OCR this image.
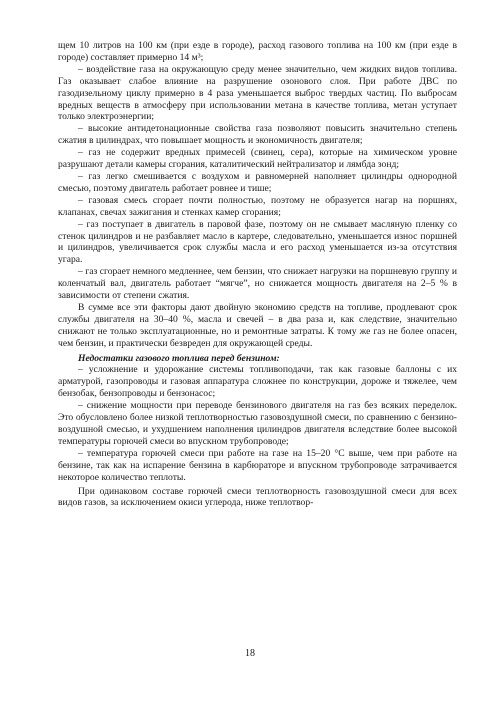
щем 10 литров на 100 км (при езде в городе), расход газового топлива на 100 км (при езде в городе) составляет примерно 14 м³;

– воздействие газа на окружающую среду менее значительно, чем жидких видов топлива. Газ оказывает слабое влияние на разрушение озонового слоя. При работе ДВС по газодизельному циклу примерно в 4 раза уменьшается выброс твердых частиц. По выбросам вредных веществ в атмосферу при использовании метана в качестве топлива, метан уступает только электроэнергии;

– высокие антидетонационные свойства газа позволяют повысить значительно степень сжатия в цилиндрах, что повышает мощность и экономичность двигателя;

– газ не содержит вредных примесей (свинец, сера), которые на химическом уровне разрушают детали камеры сгорания, каталитический нейтрализатор и лямбда зонд;

– газ легко смешивается с воздухом и равномерней наполняет цилиндры однородной смесью, поэтому двигатель работает ровнее и тише;

– газовая смесь сгорает почти полностью, поэтому не образуется нагар на поршнях, клапанах, свечах зажигания и стенках камер сгорания;

– газ поступает в двигатель в паровой фазе, поэтому он не смывает масляную пленку со стенок цилиндров и не разбавляет масло в картере, следовательно, уменьшается износ поршней и цилиндров, увеличивается срок службы масла и его расход уменьшается из-за отсутствия угара.

– газ сгорает немного медленнее, чем бензин, что снижает нагрузки на поршневую группу и коленчатый вал, двигатель работает “мягче”, но снижается мощность двигателя на 2–5 % в зависимости от степени сжатия.

В сумме все эти факторы дают двойную экономию средств на топливе, продлевают срок службы двигателя на 30–40 %, масла и свечей – в два раза и, как следствие, значительно снижают не только эксплуатационные, но и ремонтные затраты. К тому же газ не более опасен, чем бензин, и практически безвреден для окружающей среды.

Недостатки газового топлива перед бензином:

– усложнение и удорожание системы топливоподачи, так как газовые баллоны с их арматурой, газопроводы и газовая аппаратура сложнее по конструкции, дороже и тяжелее, чем бензобак, бензопроводы и бензонасос;

– снижение мощности при переводе бензинового двигателя на газ без всяких переделок. Это обусловлено более низкой теплотворностью газовоздушной смеси, по сравнению с бензино-воздушной смесью, и ухудшением наполнения цилиндров двигателя вследствие более высокой температуры горючей смеси во впускном трубопроводе;

– температура горючей смеси при работе на газе на 15–20 °С выше, чем при работе на бензине, так как на испарение бензина в карбюраторе и впускном трубопроводе затрачивается некоторое количество теплоты.

При одинаковом составе горючей смеси теплотворность газовоздушной смеси для всех видов газов, за исключением окиси углерода, ниже теплотвор-

18
